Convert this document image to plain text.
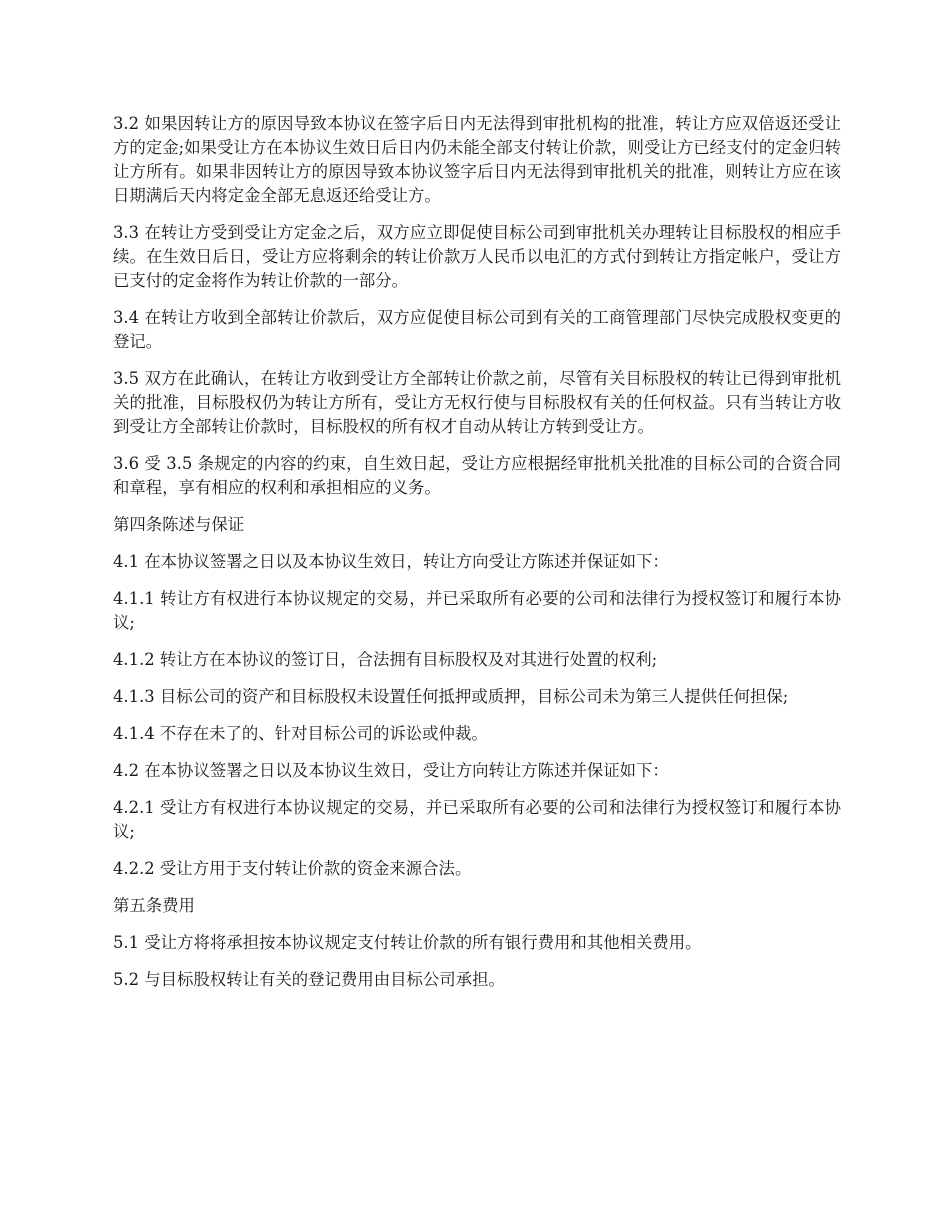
3.2 如果因转让方的原因导致本协议在签字后日内无法得到审批机构的批准，转让方应双倍返还受让方的定金;如果受让方在本协议生效日后日内仍未能全部支付转让价款，则受让方已经支付的定金归转让方所有。如果非因转让方的原因导致本协议签字后日内无法得到审批机关的批准，则转让方应在该日期满后天内将定金全部无息返还给受让方。

3.3 在转让方受到受让方定金之后，双方应立即促使目标公司到审批机关办理转让目标股权的相应手续。在生效日后日，受让方应将剩余的转让价款万人民币以电汇的方式付到转让方指定帐户，受让方已支付的定金将作为转让价款的一部分。

3.4 在转让方收到全部转让价款后，双方应促使目标公司到有关的工商管理部门尽快完成股权变更的登记。

3.5 双方在此确认，在转让方收到受让方全部转让价款之前，尽管有关目标股权的转让已得到审批机关的批准，目标股权仍为转让方所有，受让方无权行使与目标股权有关的任何权益。只有当转让方收到受让方全部转让价款时，目标股权的所有权才自动从转让方转到受让方。

3.6 受 3.5 条规定的内容的约束，自生效日起，受让方应根据经审批机关批准的目标公司的合资合同和章程，享有相应的权利和承担相应的义务。

第四条陈述与保证

4.1 在本协议签署之日以及本协议生效日，转让方向受让方陈述并保证如下：

4.1.1 转让方有权进行本协议规定的交易，并已采取所有必要的公司和法律行为授权签订和履行本协议;

4.1.2 转让方在本协议的签订日，合法拥有目标股权及对其进行处置的权利;

4.1.3 目标公司的资产和目标股权未设置任何抵押或质押，目标公司未为第三人提供任何担保;

4.1.4 不存在未了的、针对目标公司的诉讼或仲裁。

4.2 在本协议签署之日以及本协议生效日，受让方向转让方陈述并保证如下：

4.2.1 受让方有权进行本协议规定的交易，并已采取所有必要的公司和法律行为授权签订和履行本协议;

4.2.2 受让方用于支付转让价款的资金来源合法。

第五条费用

5.1 受让方将将承担按本协议规定支付转让价款的所有银行费用和其他相关费用。

5.2 与目标股权转让有关的登记费用由目标公司承担。
